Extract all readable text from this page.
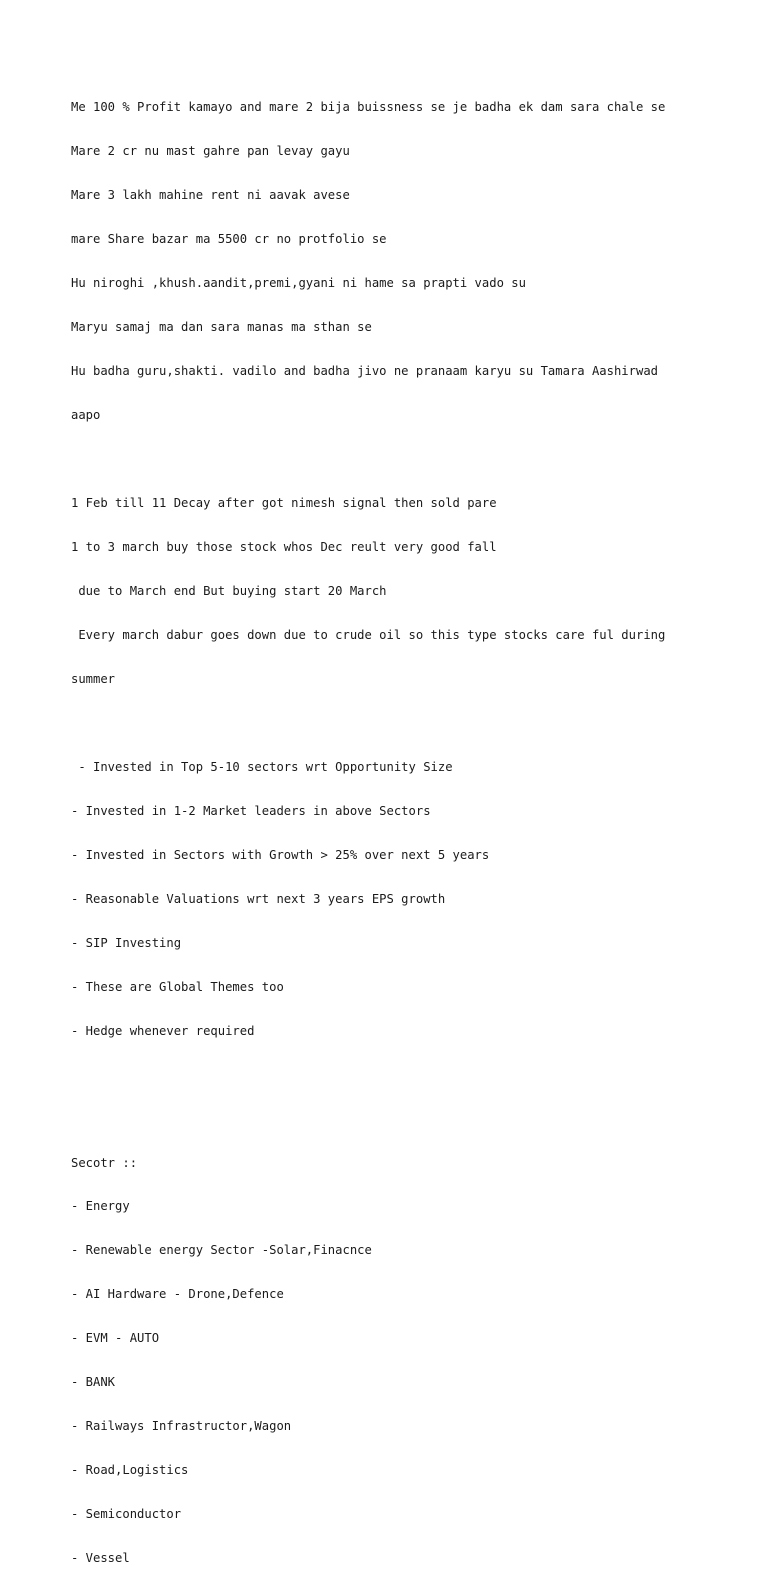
Me 100 % Profit kamayo and mare 2 bija buissness se je badha ek dam sara chale se

Mare 2 cr nu mast gahre pan levay gayu

Mare 3 lakh mahine rent ni aavak avese

mare Share bazar ma 5500 cr no protfolio se

Hu niroghi ,khush.aandit,premi,gyani ni hame sa prapti vado su

Maryu samaj ma dan sara manas ma sthan se

Hu badha guru,shakti. vadilo and badha jivo ne pranaam karyu su Tamara Aashirwad

aapo

1 Feb till 11 Decay after got nimesh signal then sold pare

1 to 3 march buy those stock whos Dec reult very good fall

due to March end But buying start 20 March

Every march dabur goes down due to crude oil so this type stocks care ful during

summer

- Invested in Top 5-10 sectors wrt Opportunity Size

- Invested in 1-2 Market leaders in above Sectors

- Invested in Sectors with Growth > 25% over next 5 years

- Reasonable Valuations wrt next 3 years EPS growth

- SIP Investing

- These are Global Themes too

- Hedge whenever required

Secotr ::

- Energy

- Renewable energy Sector -Solar,Finacnce

- AI Hardware - Drone,Defence

- EVM - AUTO

- BANK

- Railways Infrastructor,Wagon

- Road,Logistics

- Semiconductor

- Vessel
